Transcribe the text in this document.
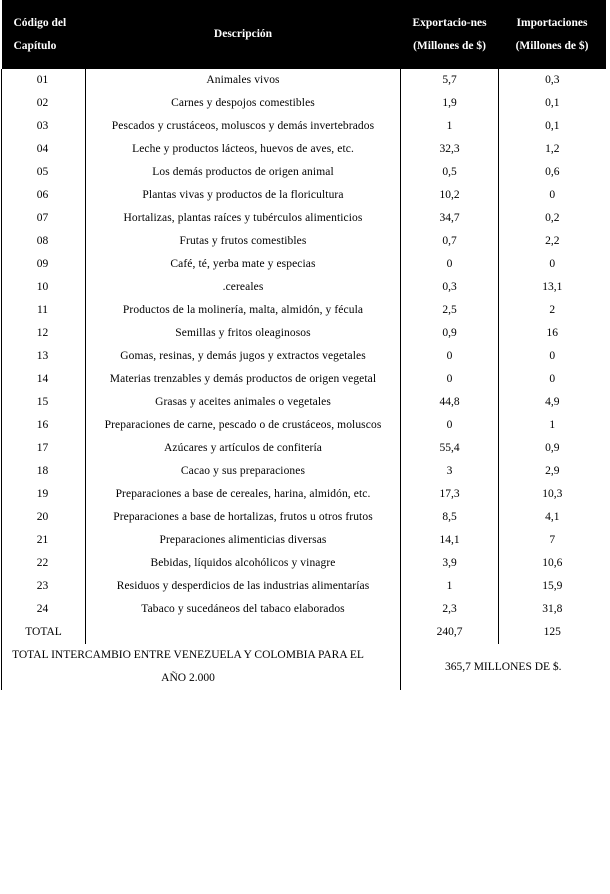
Código del Capítulo	Descripción	Exportacio-nes (Millones de $)	Importaciones (Millones de $)
01	Animales vivos	5,7	0,3
02	Carnes y despojos comestibles	1,9	0,1
03	Pescados y crustáceos, moluscos y demás invertebrados	1	0,1
04	Leche y productos lácteos, huevos de aves, etc.	32,3	1,2
05	Los demás productos de origen animal	0,5	0,6
06	Plantas vivas y productos de la floricultura	10,2	0
07	Hortalizas, plantas raíces y tubérculos alimenticios	34,7	0,2
08	Frutas y frutos comestibles	0,7	2,2
09	Café, té, yerba mate y especias	0	0
10	.cereales	0,3	13,1
11	Productos de la molinería, malta, almidón, y fécula	2,5	2
12	Semillas y fritos oleaginosos	0,9	16
13	Gomas, resinas, y demás jugos y extractos vegetales	0	0
14	Materias trenzables y demás productos de origen vegetal	0	0
15	Grasas y aceites animales o vegetales	44,8	4,9
16	Preparaciones de carne, pescado o de crustáceos, moluscos	0	1
17	Azúcares y artículos de confitería	55,4	0,9
18	Cacao y sus preparaciones	3	2,9
19	Preparaciones a base de cereales, harina, almidón, etc.	17,3	10,3
20	Preparaciones a base de hortalizas, frutos u otros frutos	8,5	4,1
21	Preparaciones alimenticias diversas	14,1	7
22	Bebidas, líquidos alcohólicos y vinagre	3,9	10,6
23	Residuos y desperdicios de las industrias alimentarías	1	15,9
24	Tabaco y sucedáneos del tabaco elaborados	2,3	31,8
TOTAL		240,7	125
TOTAL INTERCAMBIO ENTRE VENEZUELA Y COLOMBIA PARA EL AÑO 2.000		365,7 MILLONES DE $.	
